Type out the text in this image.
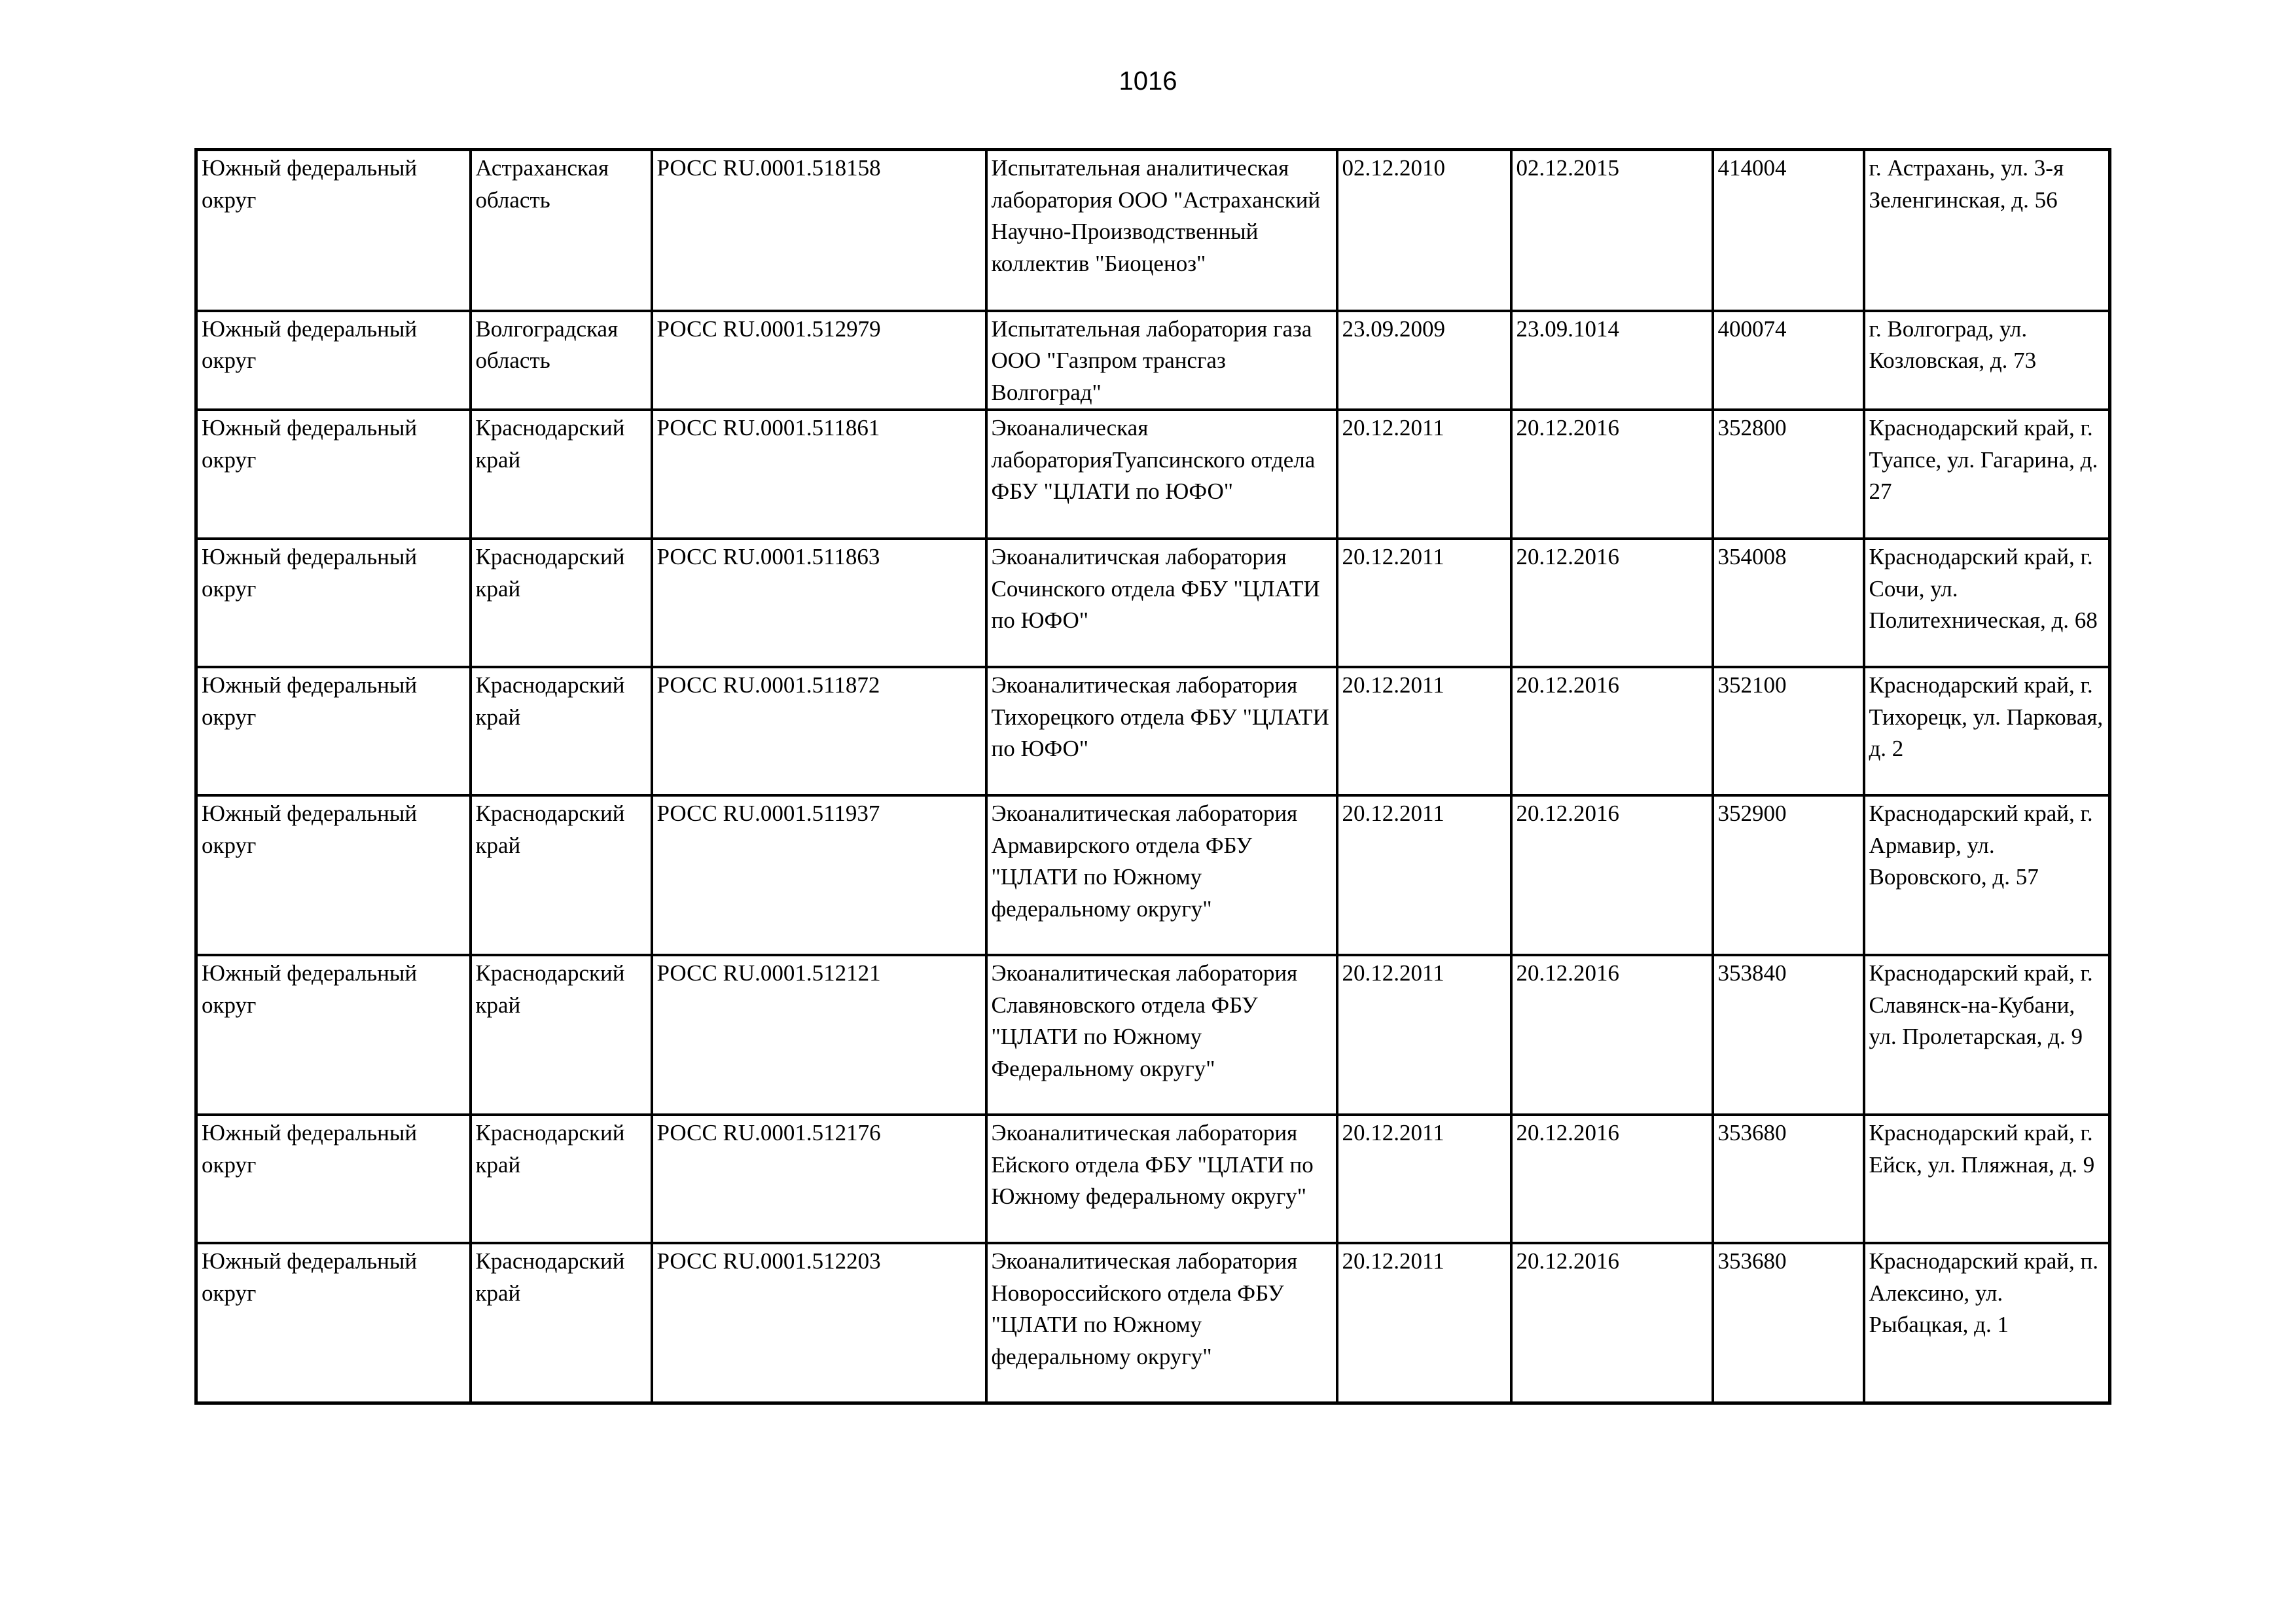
1016
Южный федеральный округ	Астраханская область	РОСС RU.0001.518158	Испытательная аналитическая лаборатория ООО "Астраханский Научно-Производственный коллектив "Биоценоз"	02.12.2010	02.12.2015	414004	г. Астрахань, ул. 3-я Зеленгинская, д. 56
Южный федеральный округ	Волгоградская область	РОСС RU.0001.512979	Испытательная лаборатория газа ООО "Газпром трансгаз Волгоград"	23.09.2009	23.09.1014	400074	г. Волгоград, ул. Козловская, д. 73
Южный федеральный округ	Краснодарский край	РОСС RU.0001.511861	Экоаналическая лабораторияТуапсинского отдела ФБУ "ЦЛАТИ по ЮФО"	20.12.2011	20.12.2016	352800	Краснодарский край, г. Туапсе, ул. Гагарина, д. 27
Южный федеральный округ	Краснодарский край	РОСС RU.0001.511863	Экоаналитичская лаборатория Сочинского отдела ФБУ "ЦЛАТИ по ЮФО"	20.12.2011	20.12.2016	354008	Краснодарский край, г. Сочи, ул. Политехническая, д. 68
Южный федеральный округ	Краснодарский край	РОСС RU.0001.511872	Экоаналитическая лаборатория Тихорецкого отдела ФБУ "ЦЛАТИ по ЮФО"	20.12.2011	20.12.2016	352100	Краснодарский край, г. Тихорецк, ул. Парковая, д. 2
Южный федеральный округ	Краснодарский край	РОСС RU.0001.511937	Экоаналитическая лаборатория Армавирского отдела ФБУ "ЦЛАТИ по Южному федеральному округу"	20.12.2011	20.12.2016	352900	Краснодарский край, г. Армавир, ул. Воровского, д. 57
Южный федеральный округ	Краснодарский край	РОСС RU.0001.512121	Экоаналитическая лаборатория Славяновского отдела ФБУ "ЦЛАТИ по Южному Федеральному округу"	20.12.2011	20.12.2016	353840	Краснодарский край, г. Славянск-на-Кубани, ул. Пролетарская, д. 9
Южный федеральный округ	Краснодарский край	РОСС RU.0001.512176	Экоаналитическая лаборатория Ейского отдела ФБУ "ЦЛАТИ по Южному федеральному округу"	20.12.2011	20.12.2016	353680	Краснодарский край, г. Ейск, ул. Пляжная, д. 9
Южный федеральный округ	Краснодарский край	РОСС RU.0001.512203	Экоаналитическая лаборатория Новороссийского отдела ФБУ "ЦЛАТИ по Южному федеральному округу"	20.12.2011	20.12.2016	353680	Краснодарский край, п. Алексино, ул. Рыбацкая, д. 1
